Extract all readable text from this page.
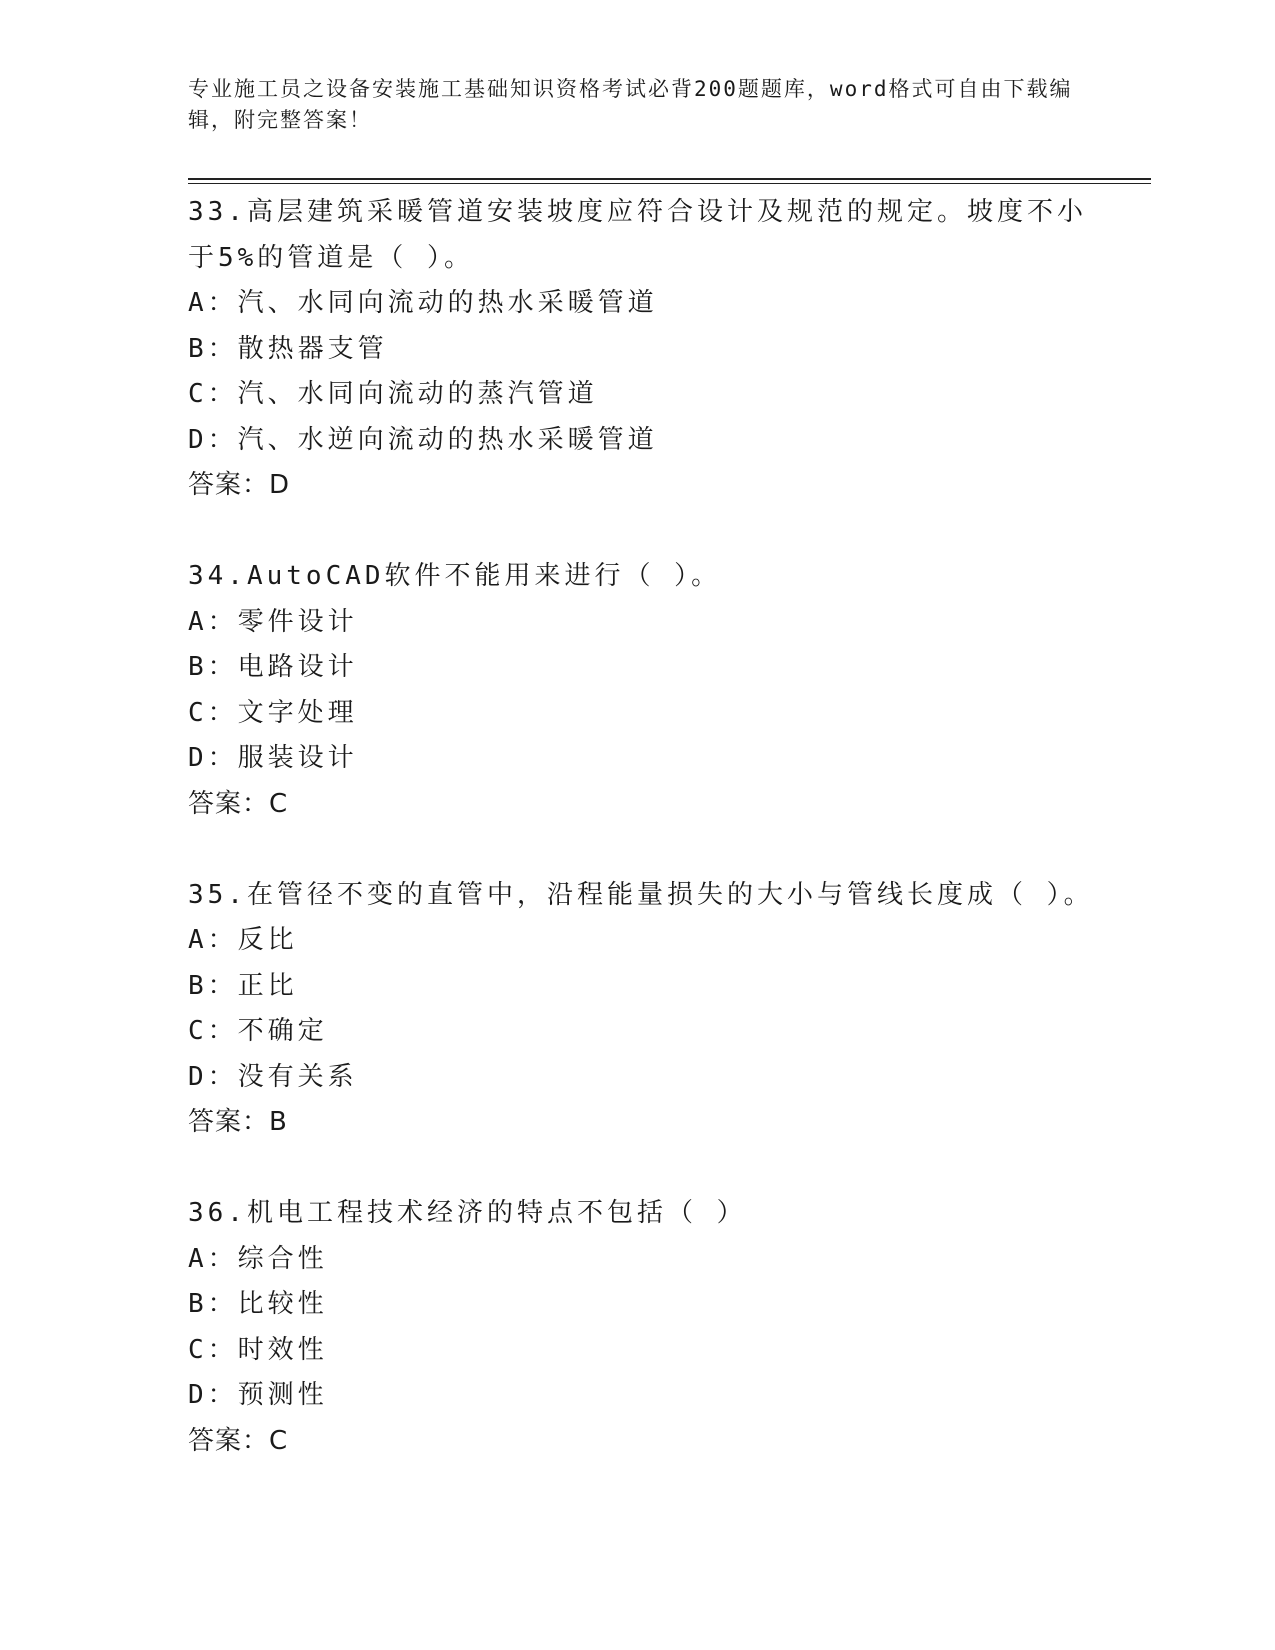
专业施工员之设备安装施工基础知识资格考试必背200题题库，word格式可自由下载编辑，附完整答案！
33.高层建筑采暖管道安装坡度应符合设计及规范的规定。坡度不小于5%的管道是（ ）。
A：汽、水同向流动的热水采暖管道
B：散热器支管
C：汽、水同向流动的蒸汽管道
D：汽、水逆向流动的热水采暖管道
答案：D
34.AutoCAD软件不能用来进行（ ）。
A：零件设计
B：电路设计
C：文字处理
D：服装设计
答案：C
35.在管径不变的直管中，沿程能量损失的大小与管线长度成（ ）。
A：反比
B：正比
C：不确定
D：没有关系
答案：B
36.机电工程技术经济的特点不包括（ ）
A：综合性
B：比较性
C：时效性
D：预测性
答案：C
